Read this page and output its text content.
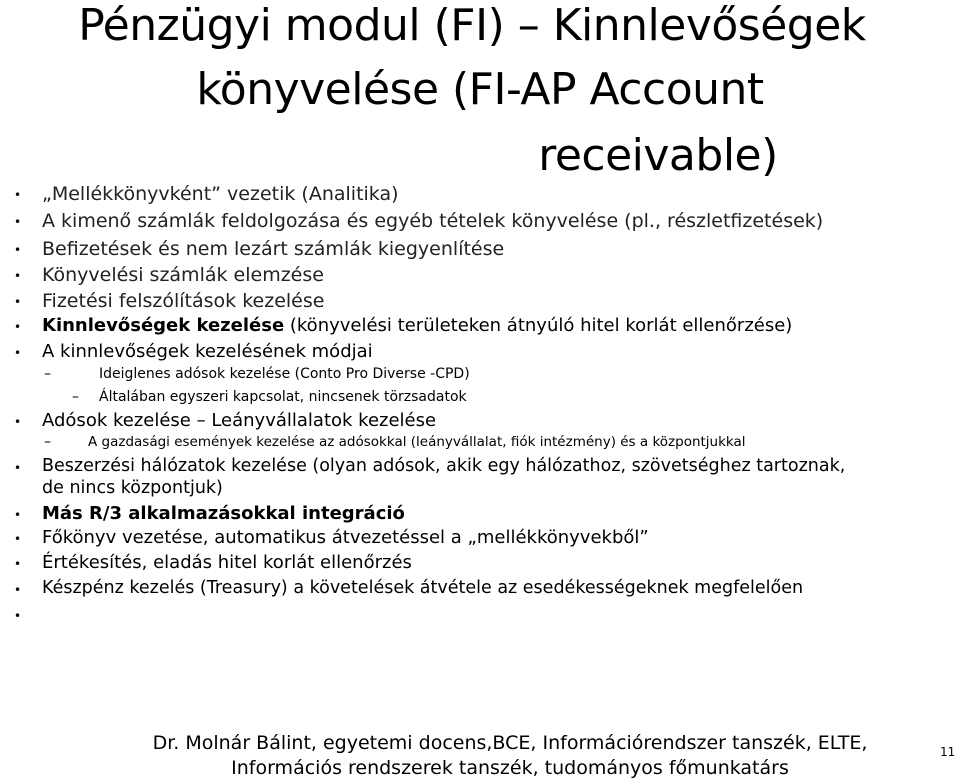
Pénzügyi modul (FI) – Kinnlevőségek
könyvelése (FI-AP Account
receivable)
• „Mellékkönyvként” vezetik (Analitika)
• A kimenő számlák feldolgozása és egyéb tételek könyvelése (pl., részletfizetések)
• Befizetések és nem lezárt számlák kiegyenlítése
• Könyvelési számlák elemzése
• Fizetési felszólítások kezelése
• Kinnlevőségek kezelése (könyvelési területeken átnyúló hitel korlát ellenőrzése)
• A kinnlevőségek kezelésének módjai
–	Ideiglenes adósok kezelése (Conto Pro Diverse -CPD)
– Általában egyszeri kapcsolat, nincsenek törzsadatok
• Adósok kezelése – Leányvállalatok kezelése
–	A gazdasági események kezelése az adósokkal (leányvállalat, fiók intézmény) és a központjukkal
• Beszerzési hálózatok kezelése (olyan adósok, akik egy hálózathoz, szövetséghez tartoznak,
de nincs központjuk)
• Más R/3 alkalmazásokkal integráció
• Főkönyv vezetése, automatikus átvezetéssel a „mellékkönyvekből”
• Értékesítés, eladás hitel korlát ellenőrzés
• Készpénz kezelés (Treasury) a követelések átvétele az esedékességeknek megfelelően
•
Dr. Molnár Bálint, egyetemi docens,BCE, Információrendszer tanszék, ELTE,
Információs rendszerek tanszék, tudományos főmunkatárs
11
